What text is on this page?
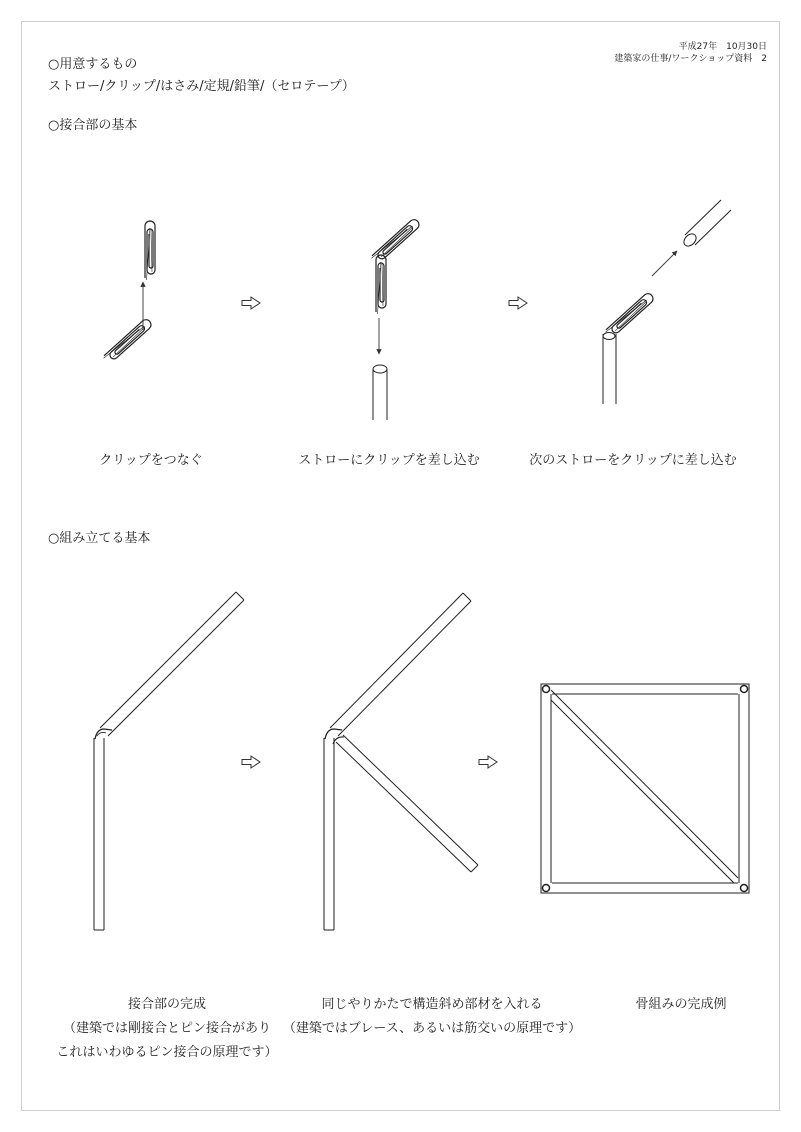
平成27年　10月30日
建築家の仕事/ワークショップ資料　2
○用意するもの
ストロー/クリップ/はさみ/定規/鉛筆/（セロテープ）
○接合部の基本
クリップをつなぐ	ストローにクリップを差し込む	次のストローをクリップに差し込む
○組み立てる基本
接合部の完成
（建築では剛接合とピン接合があり
これはいわゆるピン接合の原理です）
同じやりかたで構造斜め部材を入れる
（建築ではブレース、あるいは筋交いの原理です）
骨組みの完成例
